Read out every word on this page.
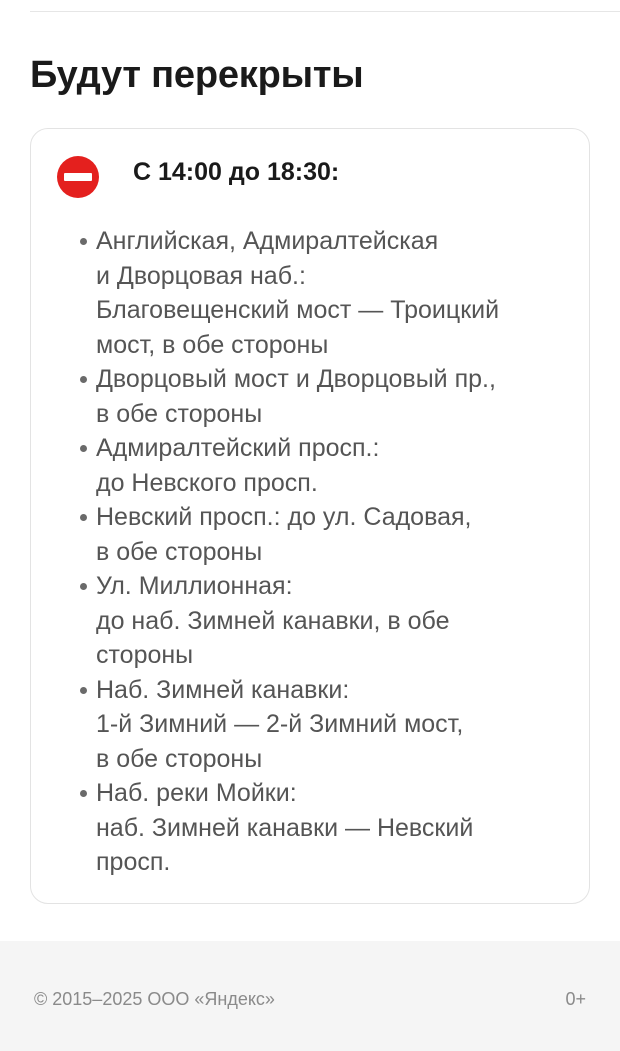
Будут перекрыты
С 14:00 до 18:30:
Английская, Адмиралтейская
и Дворцовая наб.:
Благовещенский мост — Троицкий
мост, в обе стороны
Дворцовый мост и Дворцовый пр.,
в обе стороны
Адмиралтейский просп.:
до Невского просп.
Невский просп.: до ул. Садовая,
в обе стороны
Ул. Миллионная:
до наб. Зимней канавки, в обе
стороны
Наб. Зимней канавки:
1-й Зимний — 2-й Зимний мост,
в обе стороны
Наб. реки Мойки:
наб. Зимней канавки — Невский
просп.
© 2015–2025 ООО «Яндекс»	0+
